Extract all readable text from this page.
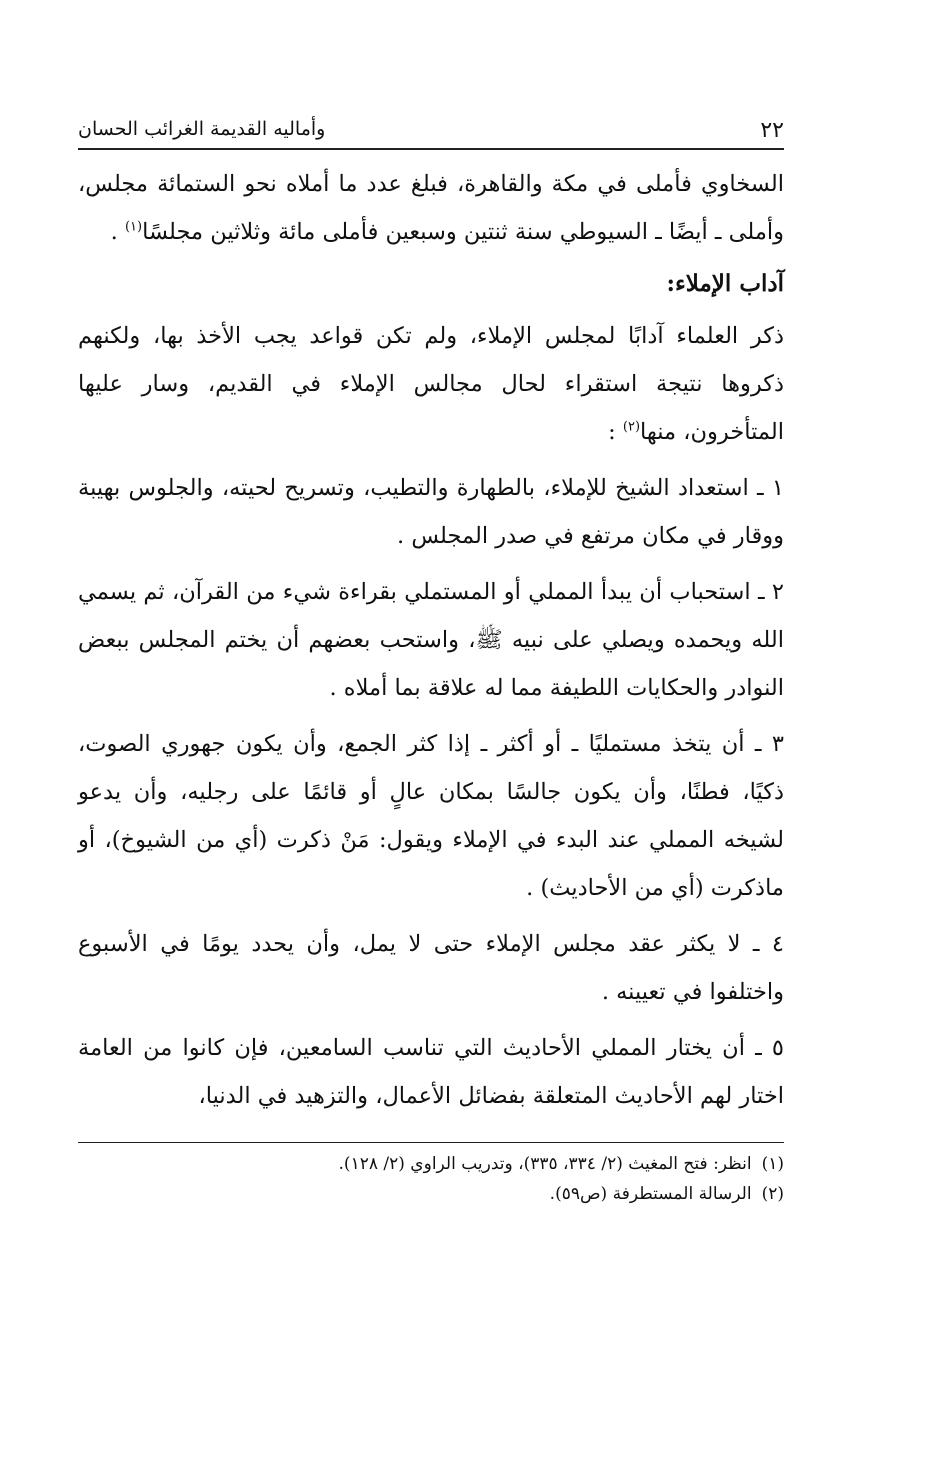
٢٢
وأماليه القديمة الغرائب الحسان

السخاوي فأملى في مكة والقاهرة، فبلغ عدد ما أملاه نحو الستمائة مجلس، وأملى ـ أيضًا ـ السيوطي سنة ثنتين وسبعين فأملى مائة وثلاثين مجلسًا$^{(١)}$ .

آداب الإملاء:

ذكر العلماء آدابًا لمجلس الإملاء، ولم تكن قواعد يجب الأخذ بها، ولكنهم ذكروها نتيجة استقراء لحال مجالس الإملاء في القديم، وسار عليها المتأخرون، منها$^{(٢)}$ :

١ ـ استعداد الشيخ للإملاء، بالطهارة والتطيب، وتسريح لحيته، والجلوس بهيبة ووقار في مكان مرتفع في صدر المجلس .

٢ ـ استحباب أن يبدأ المملي أو المستملي بقراءة شيء من القرآن، ثم يسمي الله ويحمده ويصلي على نبيه ﷺ، واستحب بعضهم أن يختم المجلس ببعض النوادر والحكايات اللطيفة مما له علاقة بما أملاه .

٣ ـ أن يتخذ مستمليًا ـ أو أكثر ـ إذا كثر الجمع، وأن يكون جهوري الصوت، ذكيًا، فطنًا، وأن يكون جالسًا بمكان عالٍ أو قائمًا على رجليه، وأن يدعو لشيخه المملي عند البدء في الإملاء ويقول: مَنْ ذكرت (أي من الشيوخ)، أو ماذكرت (أي من الأحاديث) .

٤ ـ لا يكثر عقد مجلس الإملاء حتى لا يمل، وأن يحدد يومًا في الأسبوع واختلفوا في تعيينه .

٥ ـ أن يختار المملي الأحاديث التي تناسب السامعين، فإن كانوا من العامة اختار لهم الأحاديث المتعلقة بفضائل الأعمال، والتزهيد في الدنيا،

(١)انظر: فتح المغيث (٢/ ٣٣٤، ٣٣٥)، وتدريب الراوي (٢/ ١٢٨).

(٢)الرسالة المستطرفة (ص٥٩).
